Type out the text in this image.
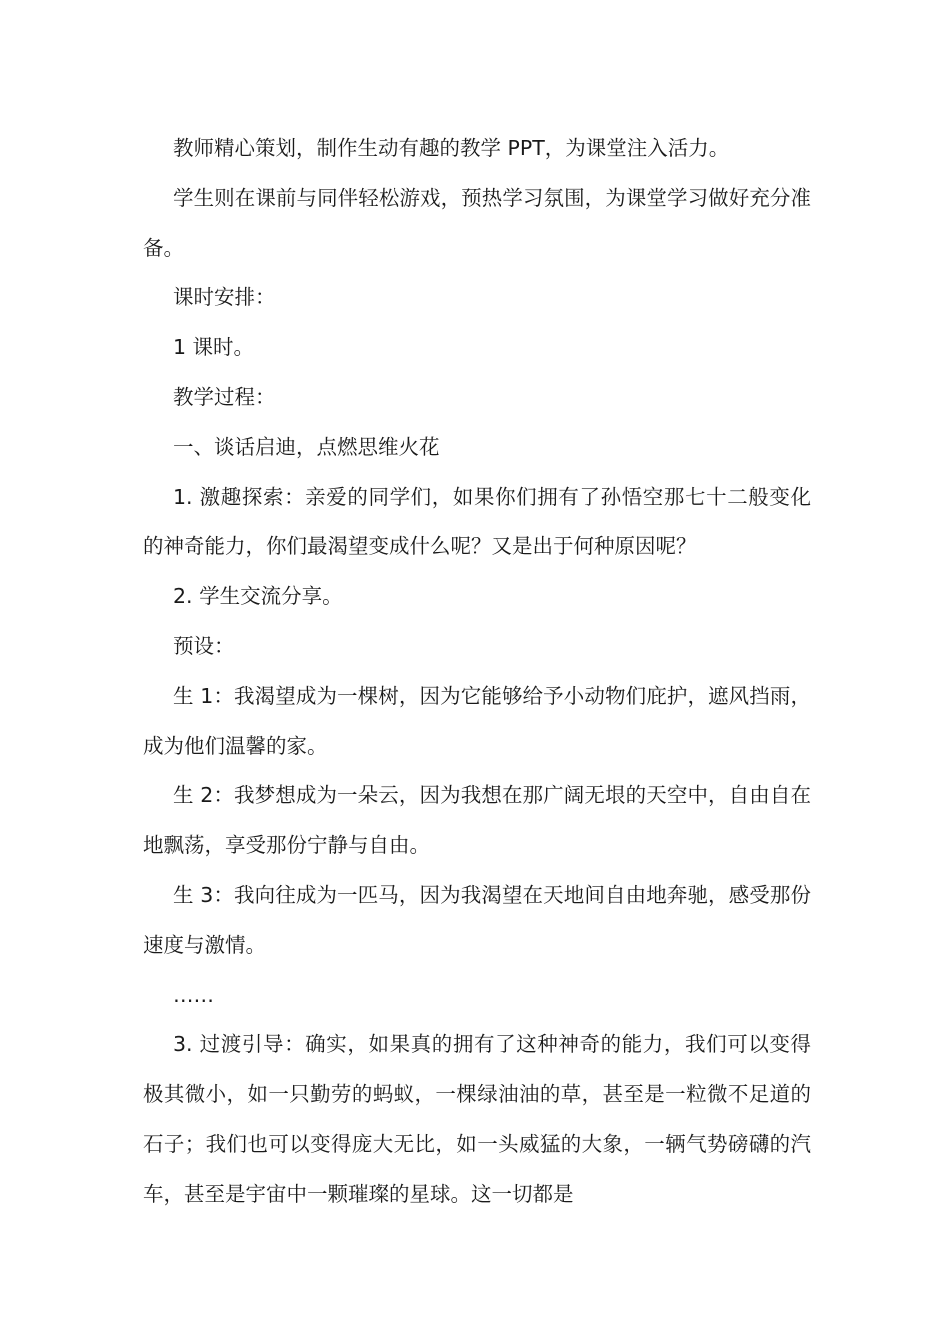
教师精心策划，制作生动有趣的教学 PPT，为课堂注入活力。

学生则在课前与同伴轻松游戏，预热学习氛围，为课堂学习做好充分准备。

课时安排：

1 课时。

教学过程：

一、谈话启迪，点燃思维火花

1. 激趣探索：亲爱的同学们，如果你们拥有了孙悟空那七十二般变化的神奇能力，你们最渴望变成什么呢？又是出于何种原因呢？

2. 学生交流分享。

预设：

生 1：我渴望成为一棵树，因为它能够给予小动物们庇护，遮风挡雨，成为他们温馨的家。

生 2：我梦想成为一朵云，因为我想在那广阔无垠的天空中，自由自在地飘荡，享受那份宁静与自由。

生 3：我向往成为一匹马，因为我渴望在天地间自由地奔驰，感受那份速度与激情。

……

3. 过渡引导：确实，如果真的拥有了这种神奇的能力，我们可以变得极其微小，如一只勤劳的蚂蚁，一棵绿油油的草，甚至是一粒微不足道的石子；我们也可以变得庞大无比，如一头威猛的大象，一辆气势磅礴的汽车，甚至是宇宙中一颗璀璨的星球。这一切都是
